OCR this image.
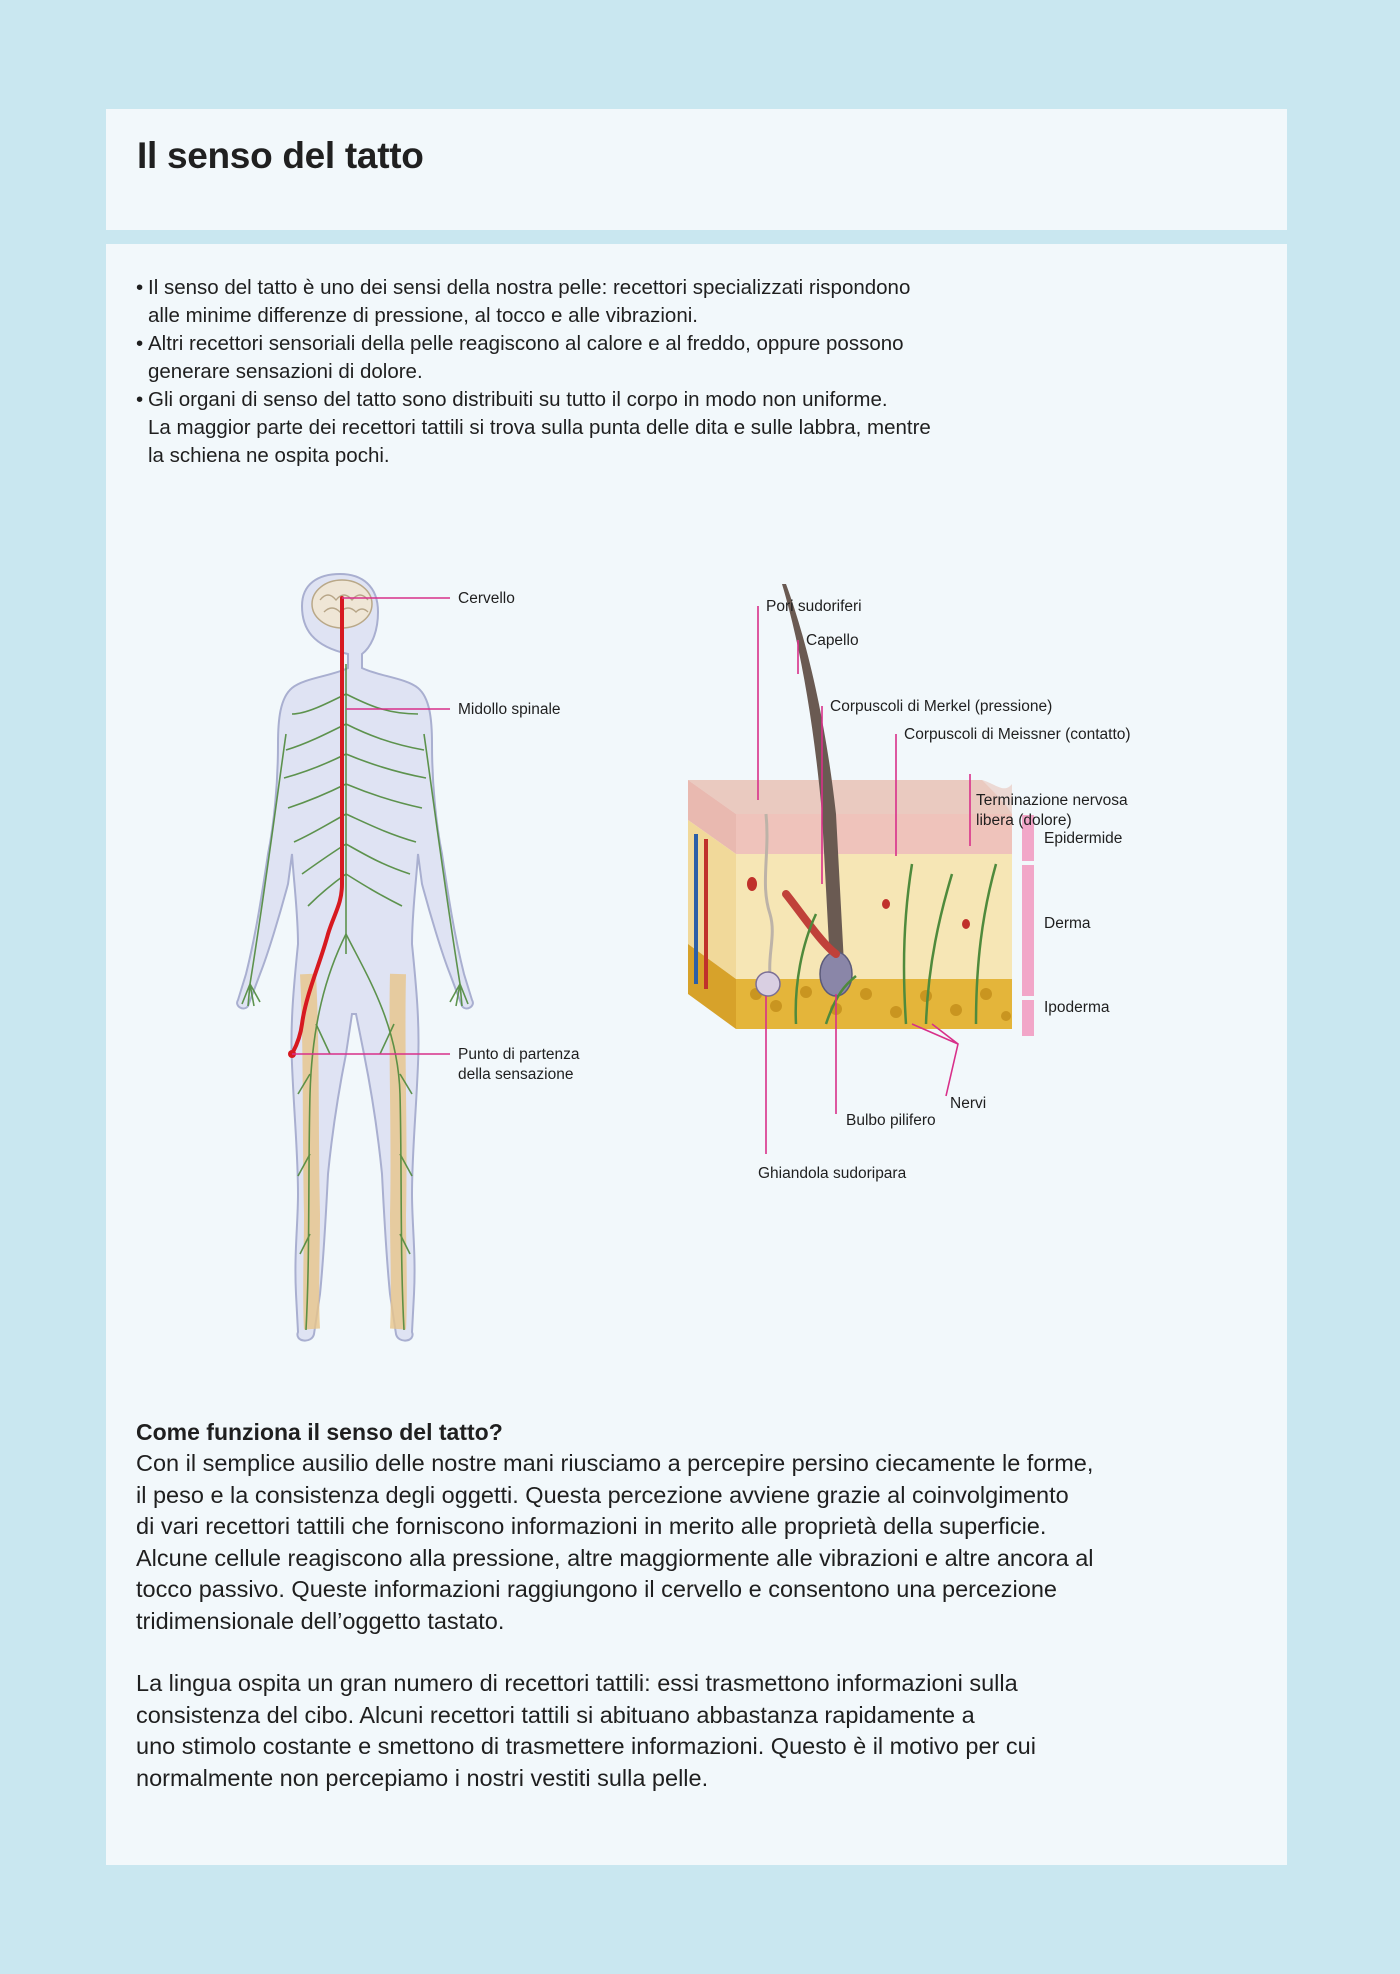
Il senso del tatto
• Il senso del tatto è uno dei sensi della nostra pelle: recettori specializzati rispondono
alle minime differenze di pressione, al tocco e alle vibrazioni.
• Altri recettori sensoriali della pelle reagiscono al calore e al freddo, oppure possono
generare sensazioni di dolore.
• Gli organi di senso del tatto sono distribuiti su tutto il corpo in modo non uniforme.
La maggior parte dei recettori tattili si trova sulla punta delle dita e sulle labbra, mentre
la schiena ne ospita pochi.
Cervello
Midollo spinale
Punto di partenza
della sensazione
Pori sudoriferi
Capello
Corpuscoli di Merkel (pressione)
Corpuscoli di Meissner (contatto)
Terminazione nervosa
libera (dolore)
Epidermide
Derma
Ipoderma
Nervi
Bulbo pilifero
Ghiandola sudoripara
Come funziona il senso del tatto?

Con il semplice ausilio delle nostre mani riusciamo a percepire persino ciecamente le forme,
il peso e la consistenza degli oggetti. Questa percezione avviene grazie al coinvolgimento
di vari recettori tattili che forniscono informazioni in merito alle proprietà della superficie.
Alcune cellule reagiscono alla pressione, altre maggiormente alle vibrazioni e altre ancora al
tocco passivo. Queste informazioni raggiungono il cervello e consentono una percezione
tridimensionale dell’oggetto tastato.

La lingua ospita un gran numero di recettori tattili: essi trasmettono informazioni sulla
consistenza del cibo. Alcuni recettori tattili si abituano abbastanza rapidamente a
uno stimolo costante e smettono di trasmettere informazioni. Questo è il motivo per cui
normalmente non percepiamo i nostri vestiti sulla pelle.
